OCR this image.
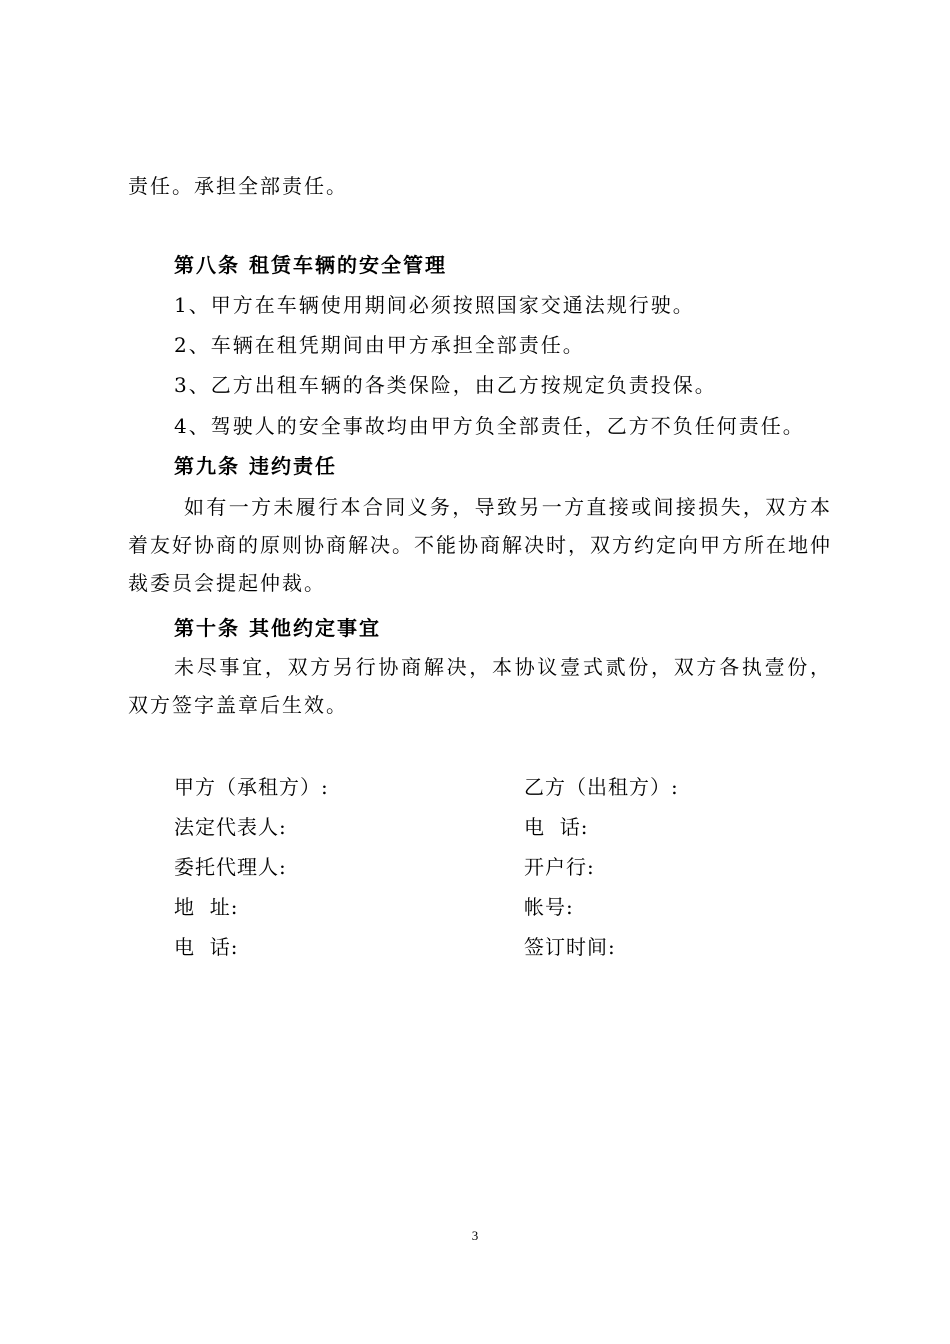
责任。承担全部责任。
第八条 租赁车辆的安全管理
1、甲方在车辆使用期间必须按照国家交通法规行驶。
2、车辆在租凭期间由甲方承担全部责任。
3、乙方出租车辆的各类保险，由乙方按规定负责投保。
4、驾驶人的安全事故均由甲方负全部责任，乙方不负任何责任。
第九条 违约责任
如有一方未履行本合同义务，导致另一方直接或间接损失，双方本着友好协商的原则协商解决。不能协商解决时，双方约定向甲方所在地仲裁委员会提起仲裁。
第十条 其他约定事宜
未尽事宜，双方另行协商解决，本协议壹式贰份，双方各执壹份，双方签字盖章后生效。
甲方（承租方）:
法定代表人:
委托代理人:
地  址:
电  话:
乙方（出租方）:
电  话:
开户行:
帐号:
签订时间:
3
